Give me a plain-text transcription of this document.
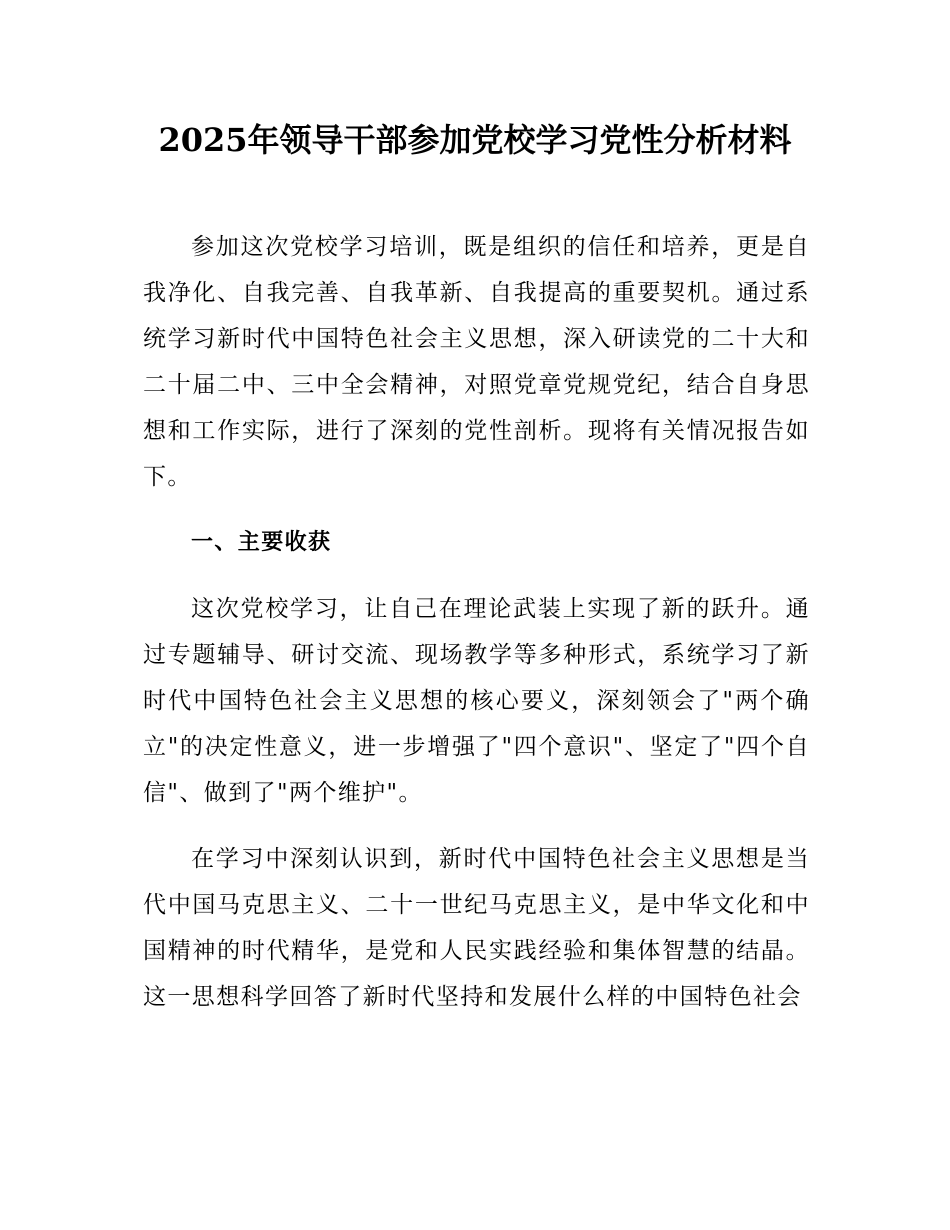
2025年领导干部参加党校学习党性分析材料

参加这次党校学习培训，既是组织的信任和培养，更是自我净化、自我完善、自我革新、自我提高的重要契机。通过系统学习新时代中国特色社会主义思想，深入研读党的二十大和二十届二中、三中全会精神，对照党章党规党纪，结合自身思想和工作实际，进行了深刻的党性剖析。现将有关情况报告如下。

一、主要收获

这次党校学习，让自己在理论武装上实现了新的跃升。通过专题辅导、研讨交流、现场教学等多种形式，系统学习了新时代中国特色社会主义思想的核心要义，深刻领会了"两个确立"的决定性意义，进一步增强了"四个意识"、坚定了"四个自信"、做到了"两个维护"。

在学习中深刻认识到，新时代中国特色社会主义思想是当代中国马克思主义、二十一世纪马克思主义，是中华文化和中国精神的时代精华，是党和人民实践经验和集体智慧的结晶。这一思想科学回答了新时代坚持和发展什么样的中国特色社会
